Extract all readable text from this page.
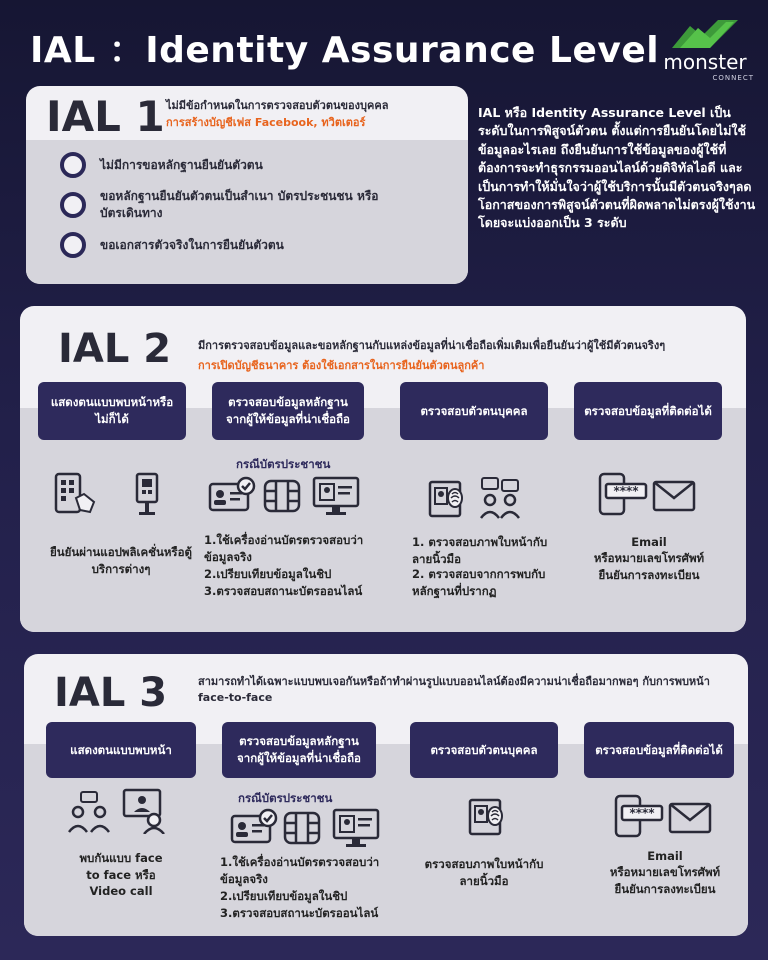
IAL ：Identity Assurance Level monster
CONNECT
IAL 1 ไม่มีข้อกำหนดในการตรวจสอบตัวตนของบุคคล
การสร้างบัญชีเฟส Facebook, ทวิตเตอร์
ไม่มีการขอหลักฐานยืนยันตัวตน
ขอหลักฐานยืนยันตัวตนเป็นสำเนา บัตรประชนชน หรือบัตรเดินทาง
ขอเอกสารตัวจริงในการยืนยันตัวตน
IAL หรือ Identity Assurance Level เป็นระดับในการพิสูจน์ตัวตน ตั้งแต่การยืนยันโดยไม่ใช้ข้อมูลอะไรเลย ถึงยืนยันการใช้ข้อมูลของผู้ใช้ที่ต้องการจะทำธุรกรรมออนไลน์ด้วยดิจิทัลไอดี และเป็นการทำให้มั่นใจว่าผู้ใช้บริการนั้นมีตัวตนจริงๆลดโอกาสของการพิสูจน์ตัวตนที่ผิดพลาดไม่ตรงผู้ใช้งานโดยจะแบ่งออกเป็น 3 ระดับ
IAL 2 มีการตรวจสอบข้อมูลและขอหลักฐานกับแหล่งข้อมูลที่น่าเชื่อถือเพิ่มเติมเพื่อยืนยันว่าผู้ใช้มีตัวตนจริงๆ
การเปิดบัญชีธนาคาร ต้องใช้เอกสารในการยืนยันตัวตนลูกค้า
แสดงตนแบบพบหน้าหรือไม่ก็ได้
ตรวจสอบข้อมูลหลักฐานจากผู้ให้ข้อมูลที่น่าเชื่อถือ
ตรวจสอบตัวตนบุคคล	ตรวจสอบข้อมูลที่ติดต่อได้
ยืนยันผ่านแอปพลิเคชั่นหรือตู้บริการต่างๆ
กรณีบัตรประชาชน
1.ใช้เครื่องอ่านบัตรตรวจสอบว่าข้อมูลจริง
2.เปรียบเทียบข้อมูลในชิป
3.ตรวจสอบสถานะบัตรออนไลน์
1. ตรวจสอบภาพใบหน้ากับลายนิ้วมือ
2. ตรวจสอบจากการพบกับหลักฐานที่ปรากฏ
****
Email
หรือหมายเลขโทรศัพท์ยืนยันการลงทะเบียน
IAL 3	สามารถทำได้เฉพาะแบบพบเจอกันหรือถ้าทำผ่านรูปแบบออนไลน์ต้องมีความน่าเชื่อถือมากพอๆ กับการพบหน้า face-to-face
แสดงตนแบบพบหน้า
ตรวจสอบข้อมูลหลักฐานจากผู้ให้ข้อมูลที่น่าเชื่อถือ
ตรวจสอบตัวตนบุคคล	ตรวจสอบข้อมูลที่ติดต่อได้
พบกันแบบ face to face หรือ Video call
กรณีบัตรประชาชน
1.ใช้เครื่องอ่านบัตรตรวจสอบว่าข้อมูลจริง
2.เปรียบเทียบข้อมูลในชิป
3.ตรวจสอบสถานะบัตรออนไลน์
ตรวจสอบภาพใบหน้ากับลายนิ้วมือ
****
Email
หรือหมายเลขโทรศัพท์ยืนยันการลงทะเบียน
